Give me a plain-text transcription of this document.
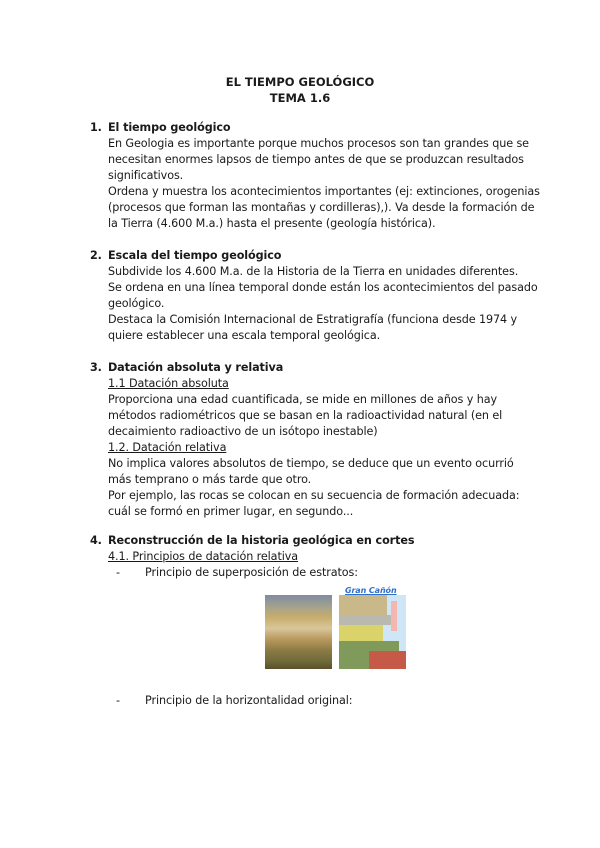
EL TIEMPO GEOLÓGICO
TEMA 1.6
1. El tiempo geológico
En Geologia es importante porque muchos procesos son tan grandes que se
necesitan enormes lapsos de tiempo antes de que se produzcan resultados
significativos.
Ordena y muestra los acontecimientos importantes (ej: extinciones, orogenias
(procesos que forman las montañas y cordilleras),). Va desde la formación de
la Tierra (4.600 M.a.) hasta el presente (geología histórica).
2. Escala del tiempo geológico
Subdivide los 4.600 M.a. de la Historia de la Tierra en unidades diferentes.
Se ordena en una línea temporal donde están los acontecimientos del pasado
geológico.
Destaca la Comisión Internacional de Estratigrafía (funciona desde 1974 y
quiere establecer una escala temporal geológica.
3. Datación absoluta y relativa
1.1 Datación absoluta
Proporciona una edad cuantificada, se mide en millones de años y hay
métodos radiométricos que se basan en la radioactividad natural (en el
decaimiento radioactivo de un isótopo inestable)
1.2. Datación relativa
No implica valores absolutos de tiempo, se deduce que un evento ocurrió
más temprano o más tarde que otro.
Por ejemplo, las rocas se colocan en su secuencia de formación adecuada:
cuál se formó en primer lugar, en segundo...
4. Reconstrucción de la historia geológica en cortes
4.1. Principios de datación relativa
-	Principio de superposición de estratos:
Gran Cañón
-	Principio de la horizontalidad original:
